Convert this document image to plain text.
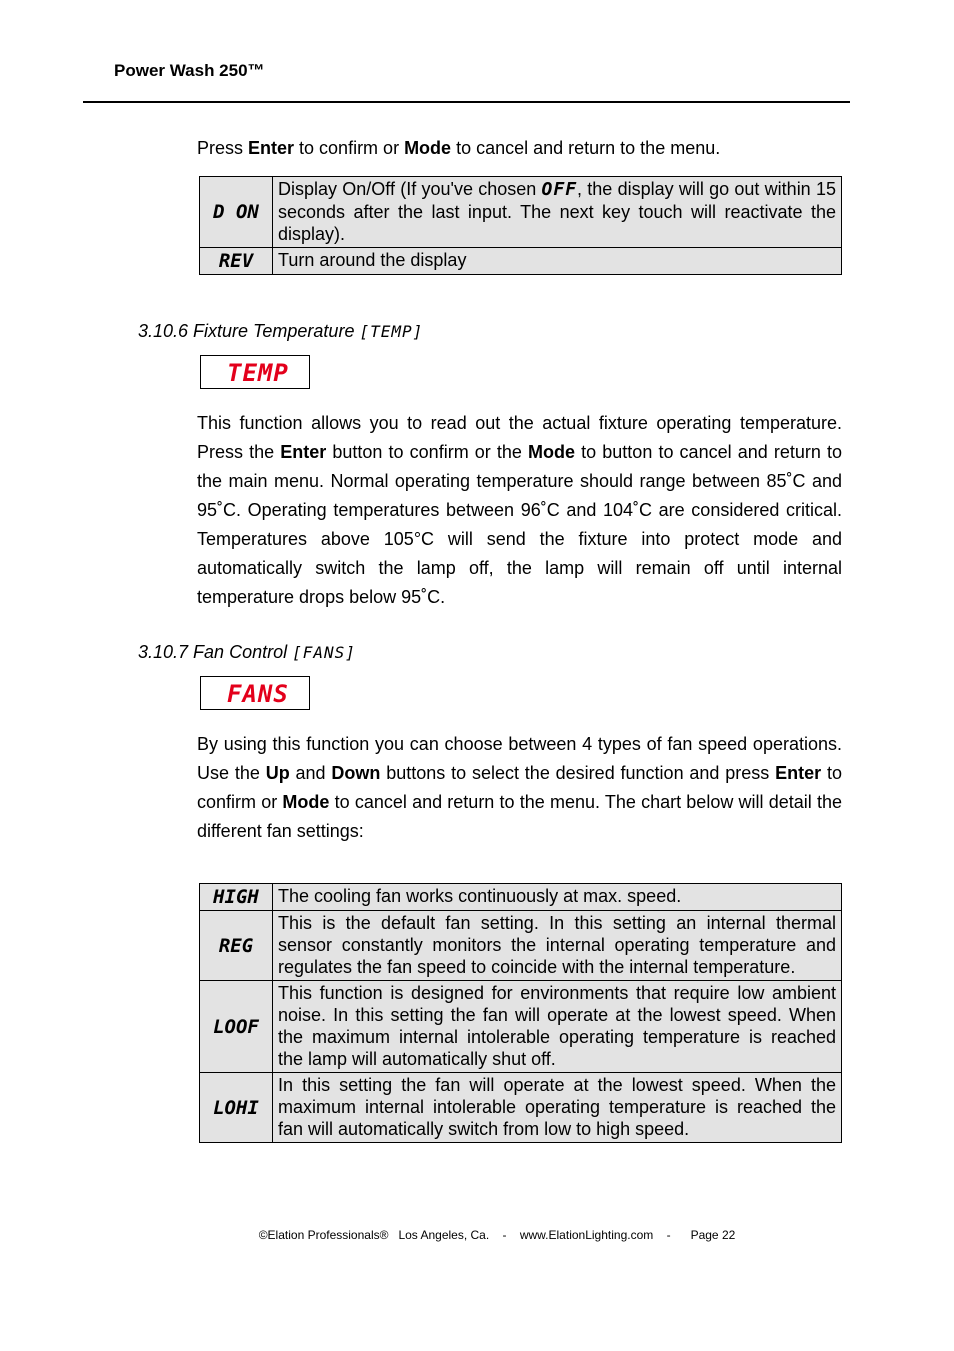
Power Wash 250™
Press Enter to confirm or Mode to cancel and return to the menu.
D ON	Display On/Off (If you've chosen OFF, the display will go out within 15 seconds after the last input. The next key touch will reactivate the display).
REV	Turn around the display
3.10.6 Fixture Temperature [TEMP]
TEMP
This function allows you to read out the actual fixture operating temperature. Press the Enter button to confirm or the Mode to button to cancel and return to the main menu. Normal operating temperature should range between 85˚C and 95˚C. Operating temperatures between 96˚C and 104˚C are considered critical. Temperatures above 105°C will send the fixture into protect mode and automatically switch the lamp off, the lamp will remain off until internal temperature drops below 95˚C.
3.10.7 Fan Control [FANS]
FANS
By using this function you can choose between 4 types of fan speed operations. Use the Up and Down buttons to select the desired function and press Enter to confirm or Mode to cancel and return to the menu. The chart below will detail the different fan settings:
HIGH	The cooling fan works continuously at max. speed.
REG	This is the default fan setting. In this setting an internal thermal sensor constantly monitors the internal operating temperature and regulates the fan speed to coincide with the internal temperature.
LOOF	This function is designed for environments that require low ambient noise. In this setting the fan will operate at the lowest speed. When the maximum internal intolerable operating temperature is reached the lamp will automatically shut off.
LOHI	In this setting the fan will operate at the lowest speed. When the maximum internal intolerable operating temperature is reached the fan will automatically switch from low to high speed.
©Elation Professionals®   Los Angeles, Ca.    -    www.ElationLighting.com    -      Page 22
